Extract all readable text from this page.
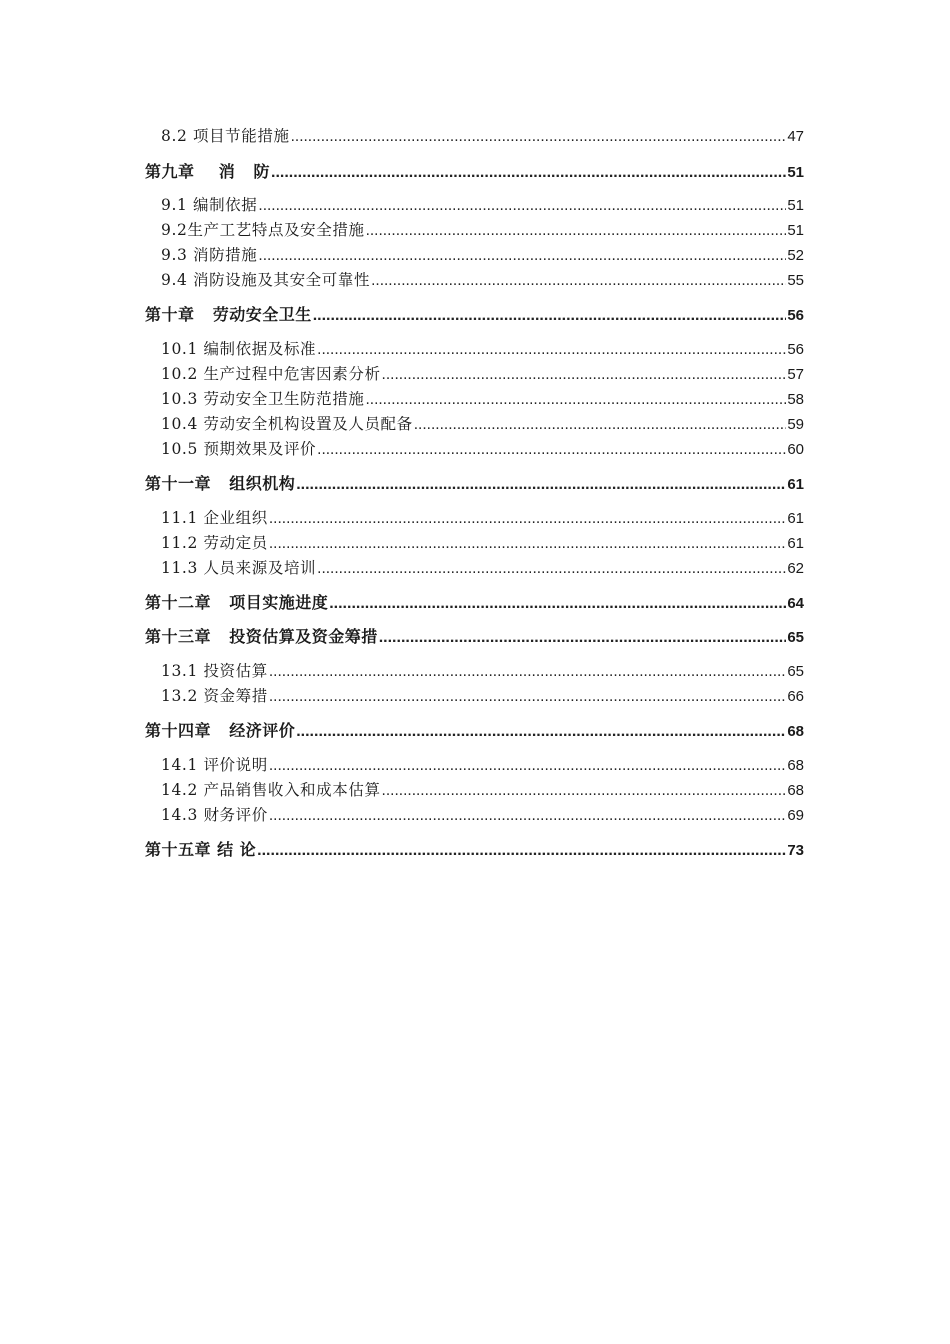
8.2 项目节能措施 .....	47
第九章    消   防 .....	51
9.1 编制依据 .....	51
9.2生产工艺特点及安全措施 .....	51
9.3 消防措施 .....	52
9.4 消防设施及其安全可靠性 .....	55
第十章   劳动安全卫生 .....	56
10.1 编制依据及标准 .....	56
10.2 生产过程中危害因素分析 .....	57
10.3 劳动安全卫生防范措施 .....	58
10.4 劳动安全机构设置及人员配备 .....	59
10.5 预期效果及评价 .....	60
第十一章   组织机构 .....	61
11.1 企业组织 .....	61
11.2 劳动定员 .....	61
11.3 人员来源及培训 .....	62
第十二章   项目实施进度 .....	64
第十三章   投资估算及资金筹措 .....	65
13.1 投资估算 .....	65
13.2 资金筹措 .....	66
第十四章   经济评价 .....	68
14.1 评价说明 .....	68
14.2 产品销售收入和成本估算 .....	68
14.3 财务评价 .....	69
第十五章 结 论 .....	73
